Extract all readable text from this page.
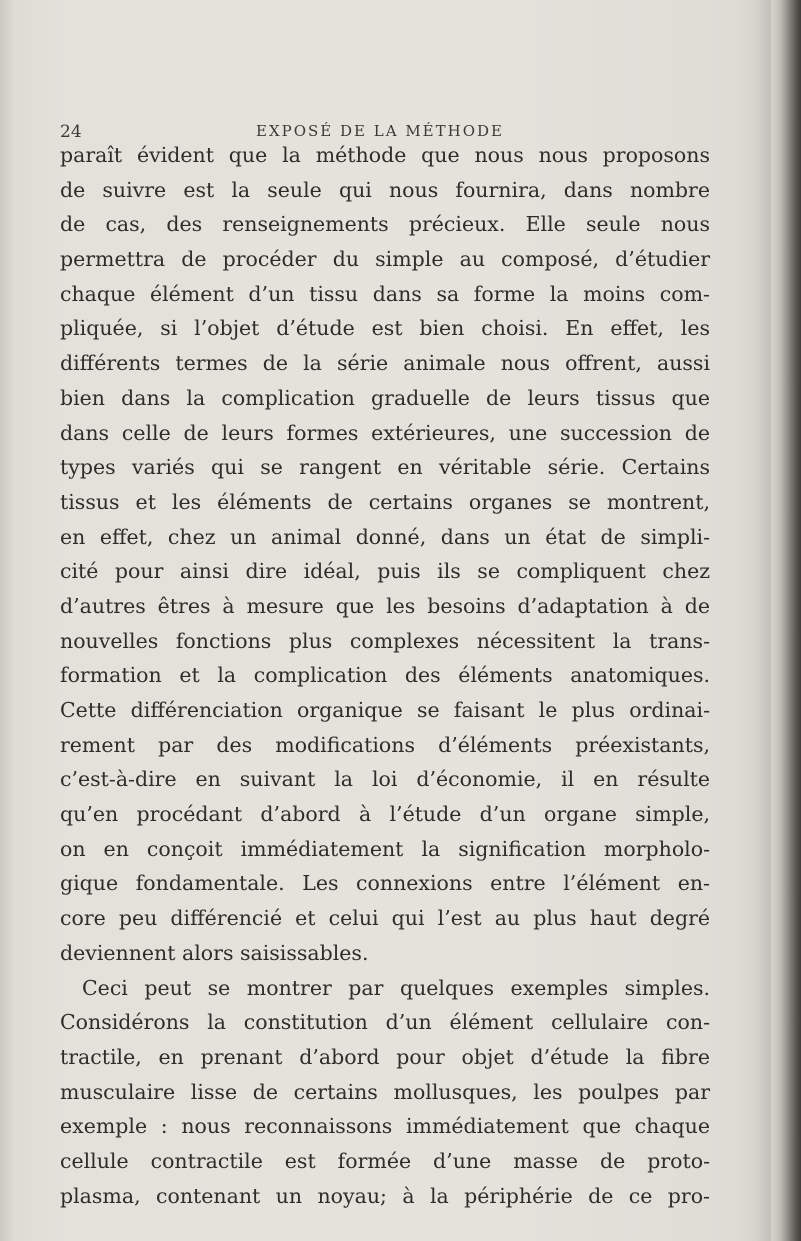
24	EXPOSÉ DE LA MÉTHODE
paraît évident que la méthode que nous nous proposons
de suivre est la seule qui nous fournira, dans nombre
de cas, des renseignements précieux. Elle seule nous
permettra de procéder du simple au composé, d’étudier
chaque élément d’un tissu dans sa forme la moins com-
pliquée, si l’objet d’étude est bien choisi. En effet, les
différents termes de la série animale nous offrent, aussi
bien dans la complication graduelle de leurs tissus que
dans celle de leurs formes extérieures, une succession de
types variés qui se rangent en véritable série. Certains
tissus et les éléments de certains organes se montrent,
en effet, chez un animal donné, dans un état de simpli-
cité pour ainsi dire idéal, puis ils se compliquent chez
d’autres êtres à mesure que les besoins d’adaptation à de
nouvelles fonctions plus complexes nécessitent la trans-
formation et la complication des éléments anatomiques.
Cette différenciation organique se faisant le plus ordinai-
rement par des modifications d’éléments préexistants,
c’est-à-dire en suivant la loi d’économie, il en résulte
qu’en procédant d’abord à l’étude d’un organe simple,
on en conçoit immédiatement la signification morpholo-
gique fondamentale. Les connexions entre l’élément en-
core peu différencié et celui qui l’est au plus haut degré
deviennent alors saisissables.
Ceci peut se montrer par quelques exemples simples.
Considérons la constitution d’un élément cellulaire con-
tractile, en prenant d’abord pour objet d’étude la fibre
musculaire lisse de certains mollusques, les poulpes par
exemple : nous reconnaissons immédiatement que chaque
cellule contractile est formée d’une masse de proto-
plasma, contenant un noyau; à la périphérie de ce pro-
